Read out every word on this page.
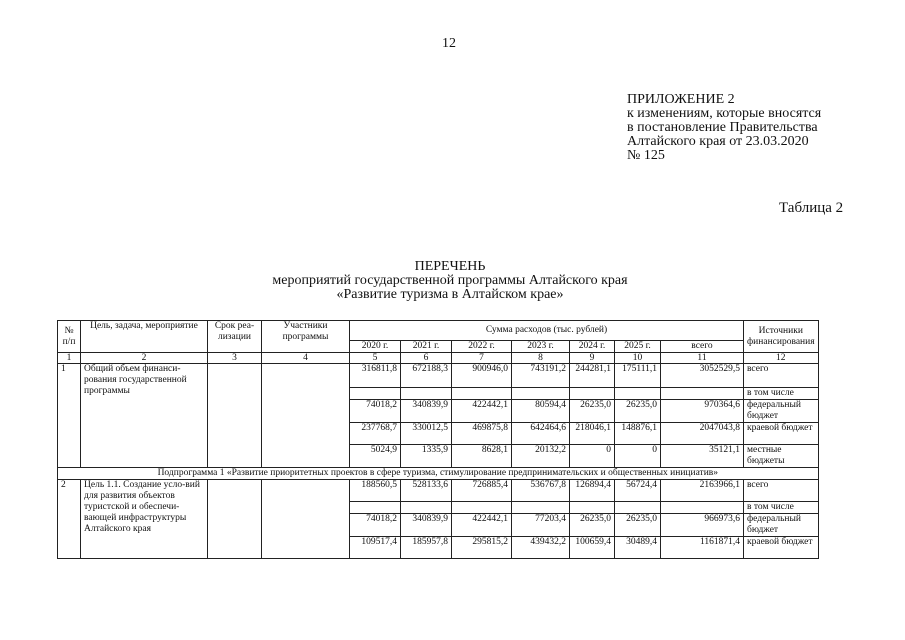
12
ПРИЛОЖЕНИЕ 2
к изменениям, которые вносятся
в постановление Правительства
Алтайского края от 23.03.2020
№ 125
Таблица 2
ПЕРЕЧЕНЬ
мероприятий государственной программы Алтайского края
«Развитие туризма в Алтайском крае»
№ п/п	Цель, задача, мероприятие	Срок реа-лизации	Участники программы	Сумма расходов (тыс. рублей)							Источники финансирования
				2020 г.	2021 г.	2022 г.	2023 г.	2024 г.	2025 г.	всего	
1	2	3	4	5	6	7	8	9	10	11	12
1	Общий объем финанси-рования государственной программы			316811,8	672188,3	900946,0	743191,2	244281,1	175111,1	3052529,5	всего
											в том числе
				74018,2	340839,9	422442,1	80594,4	26235,0	26235,0	970364,6	федеральный бюджет
				237768,7	330012,5	469875,8	642464,6	218046,1	148876,1	2047043,8	краевой бюджет
				5024,9	1335,9	8628,1	20132,2	0	0	35121,1	местные бюджеты
Подпрограмма 1 «Развитие приоритетных проектов в сфере туризма, стимулирование предпринимательских и общественных инициатив»											
2	Цель 1.1. Создание усло-вий для развития объектов туристской и обеспечи-вающей инфраструктуры Алтайского края			188560,5	528133,6	726885,4	536767,8	126894,4	56724,4	2163966,1	всего
											в том числе
				74018,2	340839,9	422442,1	77203,4	26235,0	26235,0	966973,6	федеральный бюджет
				109517,4	185957,8	295815,2	439432,2	100659,4	30489,4	1161871,4	краевой бюджет
